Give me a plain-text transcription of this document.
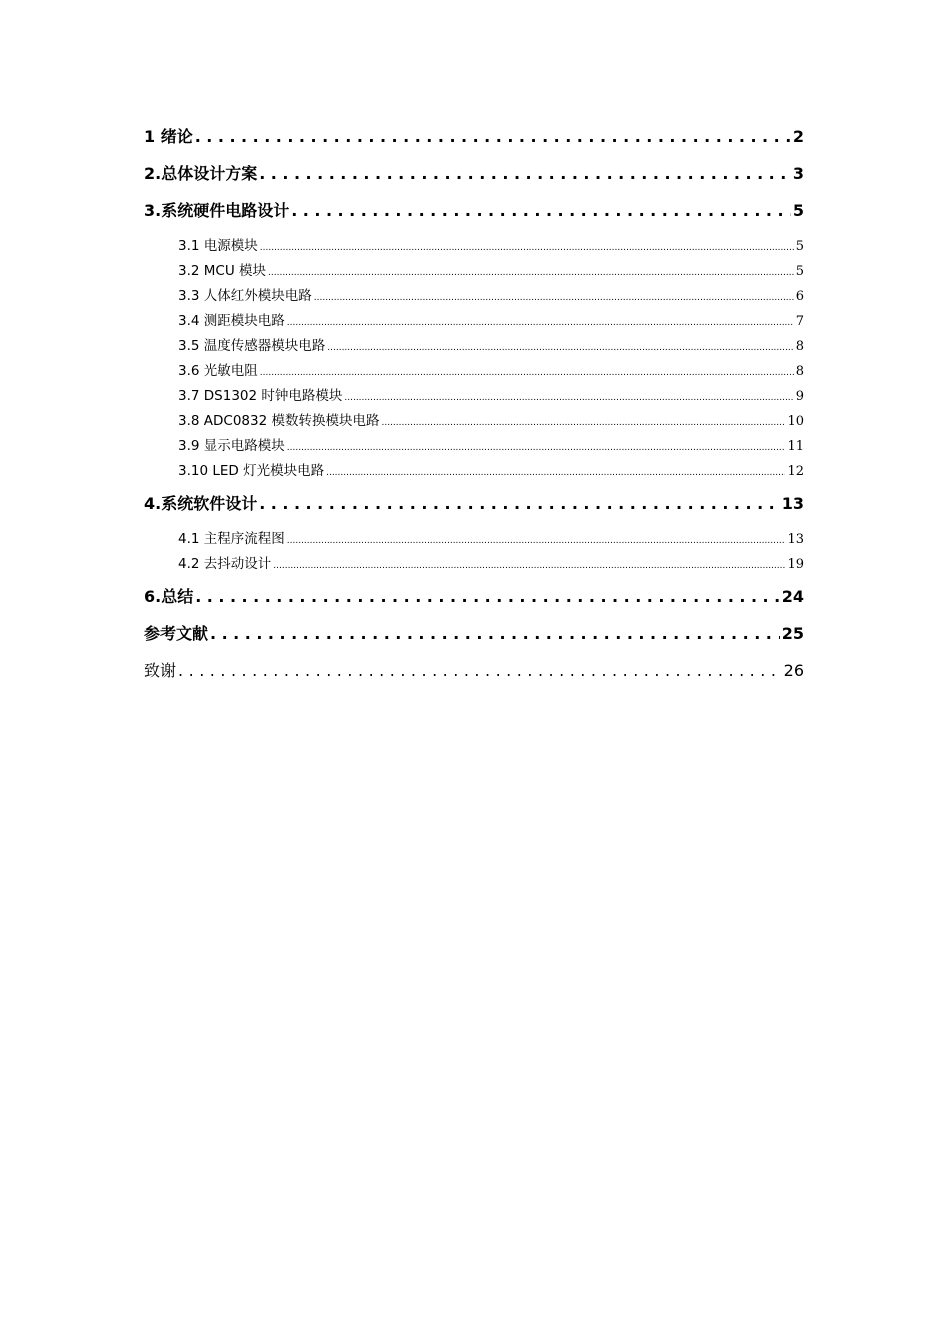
1 绪论 .....	2
2.总体设计方案 .....	3
3.系统硬件电路设计 .....	5
3.1 电源模块 .....	5
3.2 MCU 模块 .....	5
3.3 人体红外模块电路 .....	6
3.4 测距模块电路 .....	7
3.5 温度传感器模块电路 .....	8
3.6 光敏电阻 .....	8
3.7 DS1302 时钟电路模块 .....	9
3.8 ADC0832 模数转换模块电路 .....	10
3.9 显示电路模块 .....	11
3.10 LED 灯光模块电路 .....	12
4.系统软件设计 .....	13
4.1 主程序流程图 .....	13
4.2 去抖动设计 .....	19
6.总结 .....	24
参考文献 .....	25
致谢 .....	26
